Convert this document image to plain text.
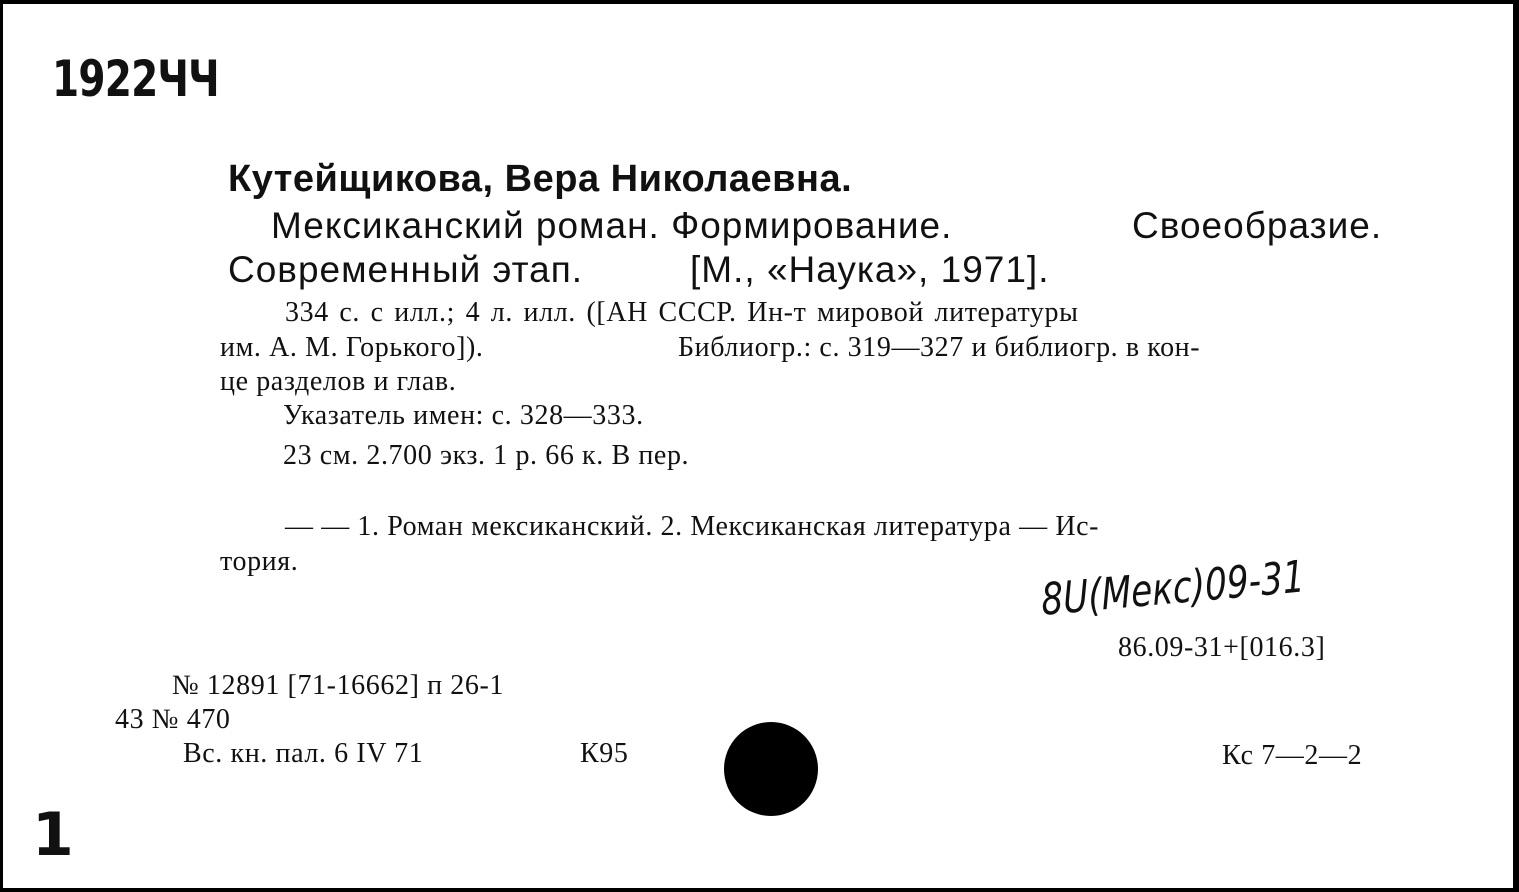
1922ЧЧ
Кутейщикова, Вера Николаевна.
Мексиканский роман. Формирование.	Своеобразие.
Современный этап.	[М., «Наука», 1971].
334 с. с илл.; 4 л. илл. ([АН СССР. Ин-т мировой литературы
им. А. М. Горького]).	Библиогр.: с. 319—327 и библиогр. в кон-
це разделов и глав.
Указатель имен: с. 328—333.
23 см. 2.700 экз. 1 р. 66 к. В пер.
— — 1. Роман мексиканский. 2. Мексиканская литература — Ис-
тория.	8U(Мекс)09-31
86.09-31+[016.3]
№ 12891 [71-16662] п 26-1
43 № 470
Вс. кн. пал. 6 IV 71	К95	Кс 7—2—2
1
